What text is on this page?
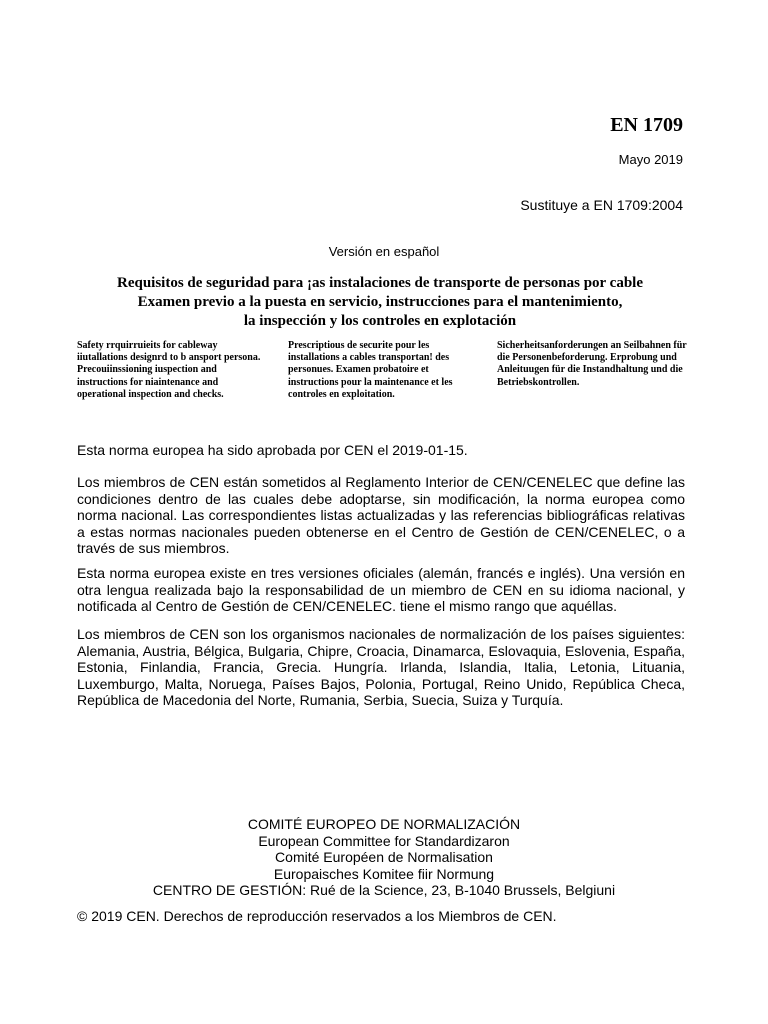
EN 1709
Mayo 2019
Sustituye a EN 1709:2004
Versión en español
Requisitos de seguridad para ¡as instalaciones de transporte de personas por cable
Examen previo a la puesta en servicio, instrucciones para el mantenimiento,
la inspección y los controles en explotación
Safety rrquirruieits for cableway iiutallations designrd to b ansport persona. Precouiinssioning iuspection and instructions for niaintenance and operational inspection and checks.
Prescriptious de securite pour les installations a cables transportan! des personues. Examen probatoire et instructions pour la maintenance et les controles en exploitation.
Sicherheitsanforderungen an Seilbahnen für die Personenbeforderung. Erprobung und Anleituugen für die Instandhaltung und die Betriebskontrollen.
Esta norma europea ha sido aprobada por CEN el 2019-01-15.
Los miembros de CEN están sometidos al Reglamento Interior de CEN/CENELEC que define las condiciones dentro de las cuales debe adoptarse, sin modificación, la norma europea como norma nacional. Las correspondientes listas actualizadas y las referencias bibliográficas relativas a estas normas nacionales pueden obtenerse en el Centro de Gestión de CEN/CENELEC, o a través de sus miembros.
Esta norma europea existe en tres versiones oficiales (alemán, francés e inglés). Una versión en otra lengua realizada bajo la responsabilidad de un miembro de CEN en su idioma nacional, y notificada al Centro de Gestión de CEN/CENELEC. tiene el mismo rango que aquéllas.
Los miembros de CEN son los organismos nacionales de normalización de los países siguientes: Alemania, Austria, Bélgica, Bulgaria, Chipre, Croacia, Dinamarca, Eslovaquia, Eslovenia, España, Estonia, Finlandia, Francia, Grecia. Hungría. Irlanda, Islandia, Italia, Letonia, Lituania, Luxemburgo, Malta, Noruega, Países Bajos, Polonia, Portugal, Reino Unido, República Checa, República de Macedonia del Norte, Rumania, Serbia, Suecia, Suiza y Turquía.
COMITÉ EUROPEO DE NORMALIZACIÓN
European Committee for Standardizaron
Comité Européen de Normalisation
Europaisches Komitee fiir Normung
CENTRO DE GESTIÓN: Rué de la Science, 23, B-1040 Brussels, Belgiuni
© 2019 CEN. Derechos de reproducción reservados a los Miembros de CEN.
